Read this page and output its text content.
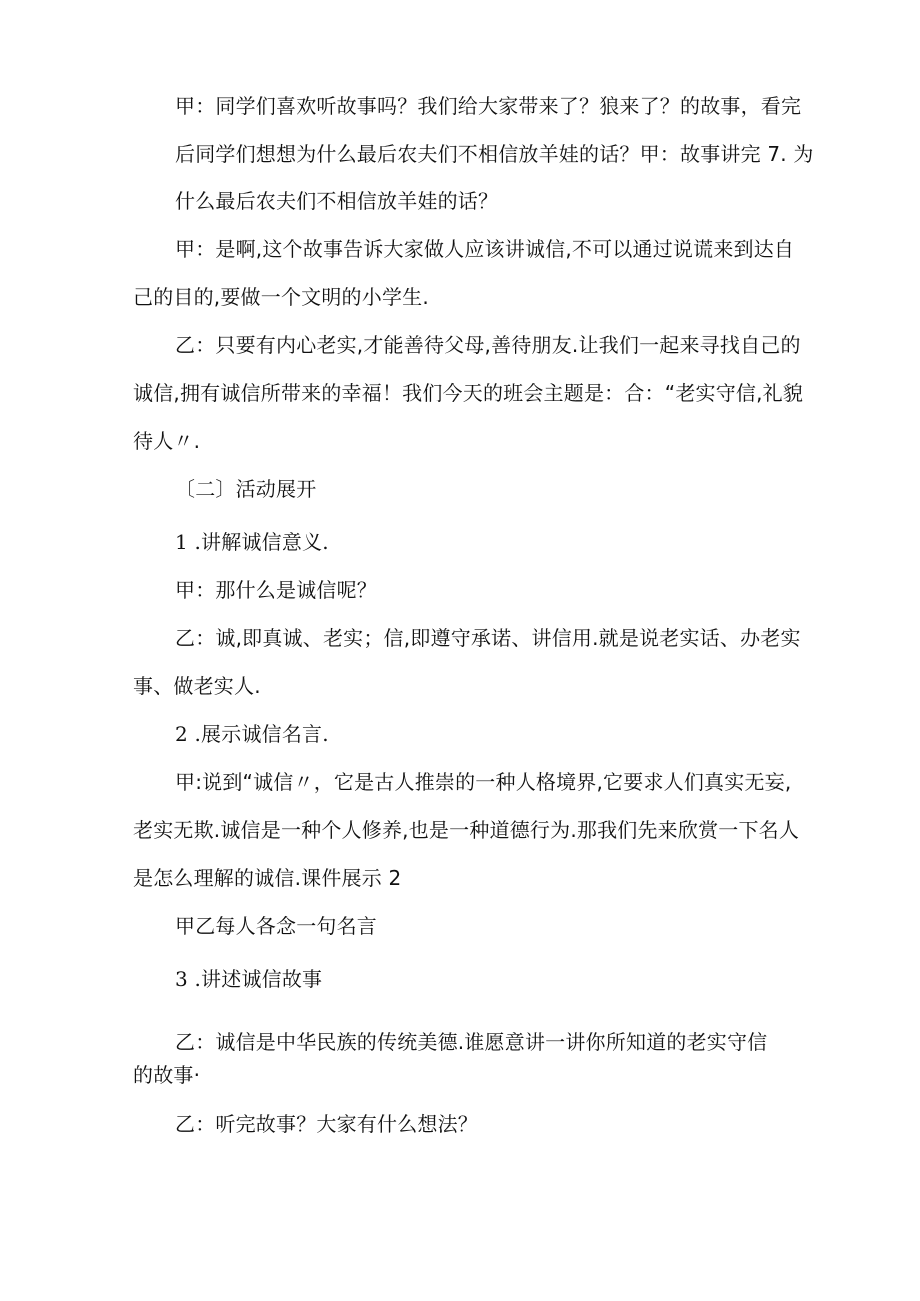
甲：同学们喜欢听故事吗？我们给大家带来了？狼来了？的故事，看完
后同学们想想为什么最后农夫们不相信放羊娃的话？甲：故事讲完 7. 为
什么最后农夫们不相信放羊娃的话？
甲：是啊,这个故事告诉大家做人应该讲诚信,不可以通过说谎来到达自
己的目的,要做一个文明的小学生.
乙：只要有内心老实,才能善待父母,善待朋友.让我们一起来寻找自己的
诚信,拥有诚信所带来的幸福！我们今天的班会主题是：合：“老实守信,礼貌
待人〃.
〔二〕活动展开
1 .讲解诚信意义.
甲：那什么是诚信呢？
乙：诚,即真诚、老实；信,即遵守承诺、讲信用.就是说老实话、办老实
事、做老实人.
2 .展示诚信名言.
甲:说到“诚信〃，它是古人推崇的一种人格境界,它要求人们真实无妄,
老实无欺.诚信是一种个人修养,也是一种道德行为.那我们先来欣赏一下名人
是怎么理解的诚信.课件展示 2
甲乙每人各念一句名言
3 .讲述诚信故事
乙：诚信是中华民族的传统美德.谁愿意讲一讲你所知道的老实守信
的故事·
乙：听完故事？大家有什么想法？
